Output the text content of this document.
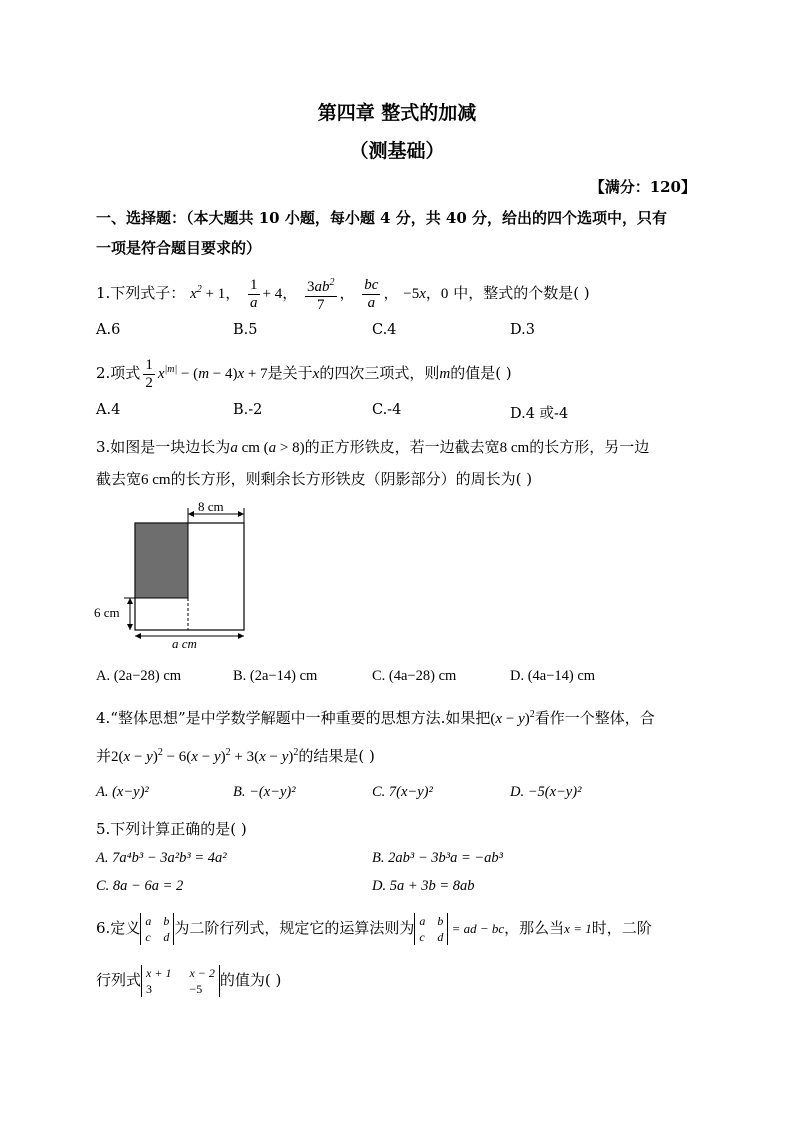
第四章 整式的加减
（测基础）
【满分：120】
一、选择题：（本大题共 10 小题，每小题 4 分，共 40 分，给出的四个选项中，只有
一项是符合题目要求的）
1.下列式子： $x^2 + 1$， $\frac{1}{a} + 4$， $\frac{3ab^2}{7}$ ， $\frac{bc}{a}$ ， −5x，0 中，整式的个数是( )
A.6	B.5	C.4	D.3
2.项式 $\frac{1}{2} x^{|m|} - (m - 4)x + 7$是关于x的四次三项式，则m的值是( )
A.4	B.-2	C.-4	D.4 或-4
3.如图是一块边长为a cm (a > 8)的正方形铁皮，若一边截去宽8 cm的长方形，另一边
截去宽6 cm的长方形，则剩余长方形铁皮（阴影部分）的周长为( )
8 cm
6 cm
a cm
A. (2a−28) cm	B. (2a−14) cm	C. (4a−28) cm	D. (4a−14) cm
4.“整体思想”是中学数学解题中一种重要的思想方法.如果把$(x - y)^2$看作一个整体，合
并$2(x - y)^2 - 6(x - y)^2 + 3(x - y)^2$的结果是( )
A. (x−y)²	B. −(x−y)²	C. 7(x−y)²	D. −5(x−y)²
5.下列计算正确的是( )
A. 7a⁴b³ − 3a²b³ = 4a²	B. 2ab³ − 3b³a = −ab³
C. 8a − 6a = 2	D. 5a + 3b = 8ab
6.定义 a b
c d 为二阶行列式，规定它的运算法则为 a b
c d
= ad − bc，那么当x = 1时，二阶
行列式 x + 1 x − 2
3	−5	的值为( )
